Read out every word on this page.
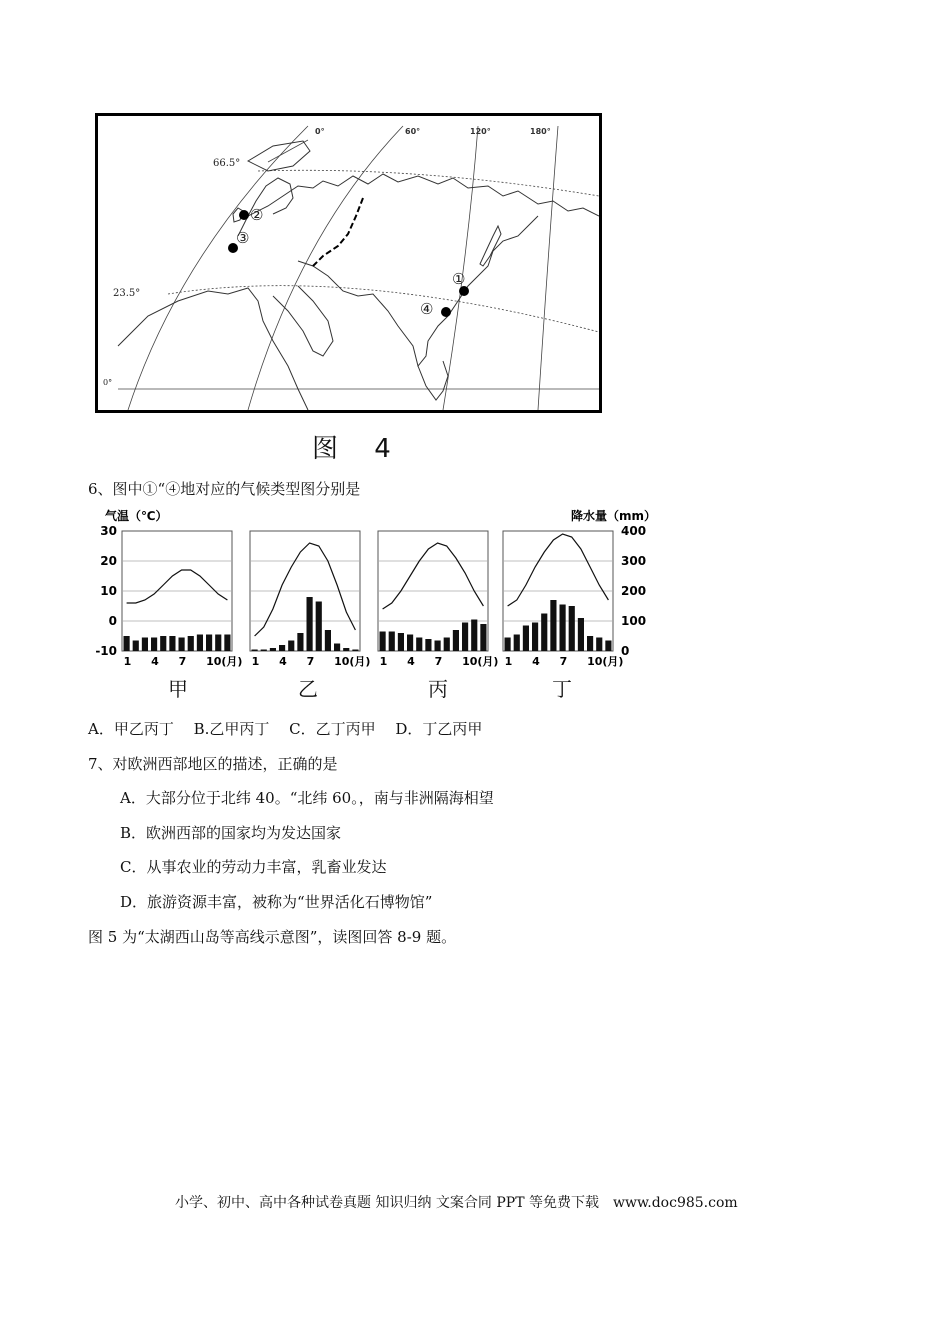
0°	60°	120°	180°
66.5°
23.5°
0°
①
②
③
④
图 4
6、图中①“④地对应的气候类型图分别是
气温（℃）	降水量（mm）
30
20
10
0
-10
400
300
200
100
0
1 4 7 10(月) 1 4 7 10(月) 1 4 7 10(月) 1 4 7 10(月)
甲	乙	丙	丁
A．甲乙丙丁　 B.乙甲丙丁　 C．乙丁丙甲　 D．丁乙丙甲
7、对欧洲西部地区的描述，正确的是
A．大部分位于北纬 40。“北纬 60。，南与非洲隔海相望
B．欧洲西部的国家均为发达国家
C．从事农业的劳动力丰富，乳畜业发达
D．旅游资源丰富，被称为“世界活化石博物馆”
图 5 为“太湖西山岛等高线示意图”，读图回答 8-9 题。
小学、初中、高中各种试卷真题 知识归纳 文案合同 PPT 等免费下载　www.doc985.com
